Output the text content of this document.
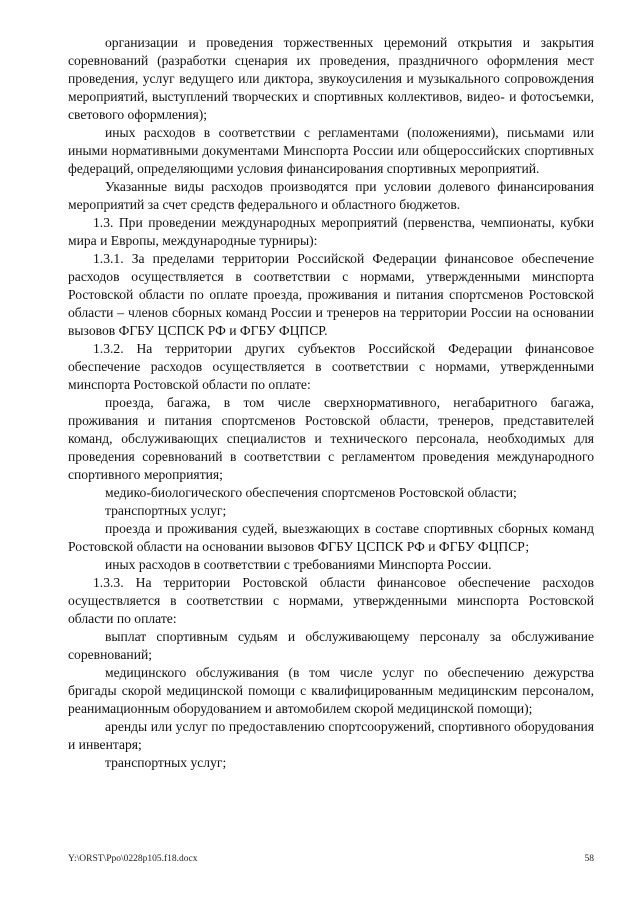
организации и проведения торжественных церемоний открытия и закрытия соревнований (разработки сценария их проведения, праздничного оформления мест проведения, услуг ведущего или диктора, звукоусиления и музыкального сопровождения мероприятий, выступлений творческих и спортивных коллективов, видео- и фотосъемки, светового оформления);

иных расходов в соответствии с регламентами (положениями), письмами или иными нормативными документами Минспорта России или общероссийских спортивных федераций, определяющими условия финансирования спортивных мероприятий.

Указанные виды расходов производятся при условии долевого финансирования мероприятий за счет средств федерального и областного бюджетов.

1.3. При проведении международных мероприятий (первенства, чемпионаты, кубки мира и Европы, международные турниры):

1.3.1. За пределами территории Российской Федерации финансовое обеспечение расходов осуществляется в соответствии с нормами, утвержденными минспорта Ростовской области по оплате проезда, проживания и питания спортсменов Ростовской области – членов сборных команд России и тренеров на территории России на основании вызовов ФГБУ ЦСПСК РФ и ФГБУ ФЦПСР.

1.3.2. На территории других субъектов Российской Федерации финансовое обеспечение расходов осуществляется в соответствии с нормами, утвержденными минспорта Ростовской области по оплате:

проезда, багажа, в том числе сверхнормативного, негабаритного багажа, проживания и питания спортсменов Ростовской области, тренеров, представителей команд, обслуживающих специалистов и технического персонала, необходимых для проведения соревнований в соответствии с регламентом проведения международного спортивного мероприятия;

медико-биологического обеспечения спортсменов Ростовской области;

транспортных услуг;

проезда и проживания судей, выезжающих в составе спортивных сборных команд Ростовской области на основании вызовов ФГБУ ЦСПСК РФ и ФГБУ ФЦПСР;

иных расходов в соответствии с требованиями Минспорта России.

1.3.3. На территории Ростовской области финансовое обеспечение расходов осуществляется в соответствии с нормами, утвержденными минспорта Ростовской области по оплате:

выплат спортивным судьям и обслуживающему персоналу за обслуживание соревнований;

медицинского обслуживания (в том числе услуг по обеспечению дежурства бригады скорой медицинской помощи с квалифицированным медицинским персоналом, реанимационным оборудованием и автомобилем скорой медицинской помощи);

аренды или услуг по предоставлению спортсооружений, спортивного оборудования и инвентаря;

транспортных услуг;

Y:\ORST\Ppo\0228p105.f18.docx	58
